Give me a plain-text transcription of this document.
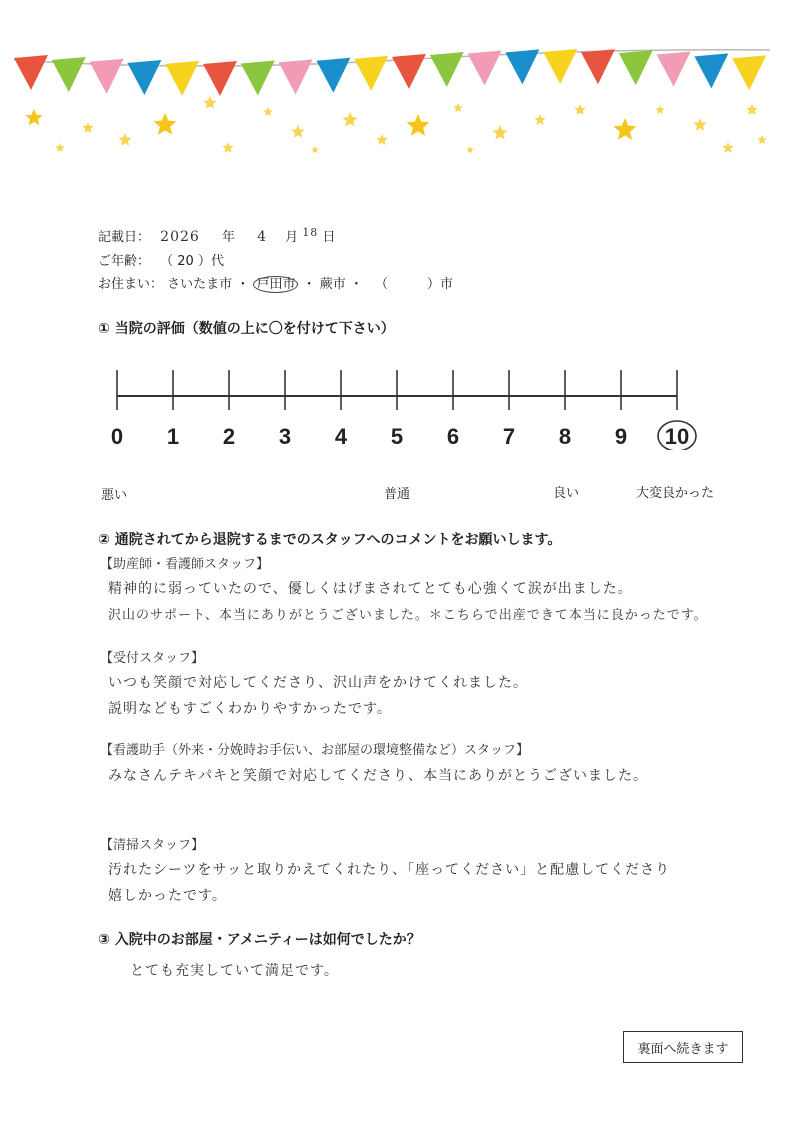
記載日： 2026 年 4 月 $^{18}$ 日
ご年齢： （ 20 ）代
お住まい： さいたま市 ・ 戸田市 ・ 蕨市 ・ （　　　）市
① 当院の評価（数値の上に〇を付けて下さい）
0 1 2 3 4 5 6 7 8 9 10
悪い	普通	良い	大変良かった
② 通院されてから退院するまでのスタッフへのコメントをお願いします。
【助産師・看護師スタッフ】
精神的に弱っていたので、優しくはげまされてとても心強くて涙が出ました。
沢山のサポート、本当にありがとうございました。＊こちらで出産できて本当に良かったです。
【受付スタッフ】
いつも笑顔で対応してくださり、沢山声をかけてくれました。
説明などもすごくわかりやすかったです。
【看護助手（外来・分娩時お手伝い、お部屋の環境整備など）スタッフ】
みなさんテキパキと笑顔で対応してくださり、本当にありがとうございました。
【清掃スタッフ】
汚れたシーツをサッと取りかえてくれたり、「座ってください」と配慮してくださり
嬉しかったです。
③ 入院中のお部屋・アメニティーは如何でしたか？
とても充実していて満足です。
裏面へ続きます
